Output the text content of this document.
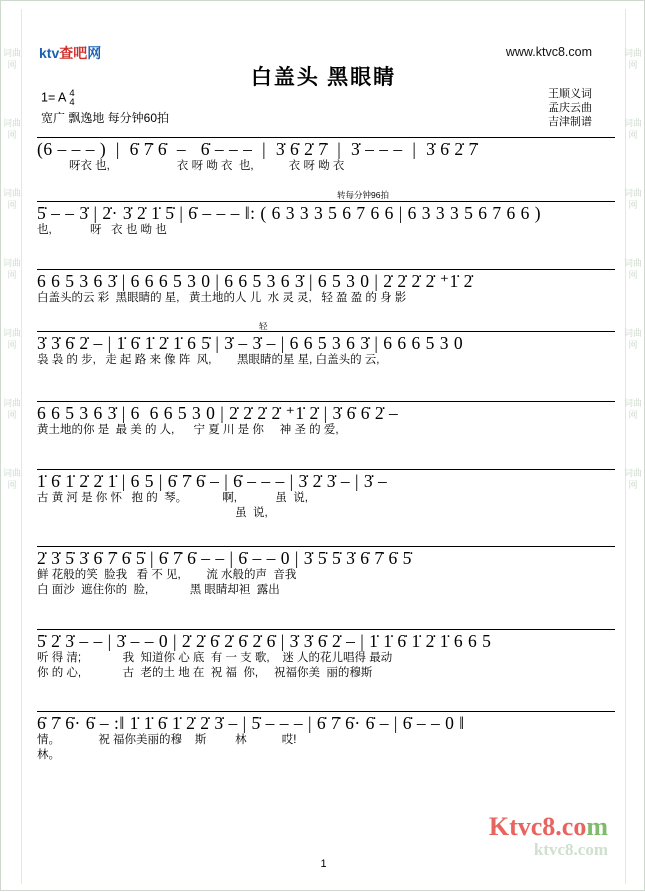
词曲网
词曲网
词曲网
词曲网
词曲网
词曲网
词曲网
词曲网
词曲网
词曲网
词曲网
词曲网
词曲网
词曲网
ktv查吧网	www.ktvc8.com
白盖头 黑眼睛
1= A 4
4
宽广 飘逸地 每分钟60拍
王顺义词
孟庆云曲
吉津制谱
(6 – – – )  |  6̇ 7̇ 6̇  –   6̇ – – –  |  3̇ 6̇ 2̇ 7̇  |  3̇ – – –  |  3̇ 6̇ 2̇ 7̇
呀衣 也,                     衣 呀 呦 衣  也,           衣 呀 呦 衣
转每分钟96拍
5̇ – – 3̇ | 2̇· 3̇ 2̇ 1̇ 5̇ | 6̇ – – – ‖: ( 6 3 3 3 5 6 7 6 6 | 6 3 3 3 5 6 7 6 6 )
也,            呀   衣 也 呦 也
6 6 5 3 6 3̇ | 6 6 6 5 3 0 | 6 6 5 3 6 3̇ | 6 5 3 0 | 2̇ 2̇ 2̇ 2̇ ⁺1̇ 2̇
白盖头的云 彩  黑眼睛的 星,   黄土地的人 儿  水 灵 灵,   轻 盈 盈 的 身 影
轻
3̇ 3̇ 6̇ 2̇ – | 1̇ 6̇ 1̇ 2̇ 1̇ 6 5̇ | 3̇ – 3̇ – | 6 6 5 3 6 3̇ | 6 6 6 5 3 0
袅 袅 的 步,   走 起 路 来 像 阵  风,        黑眼睛的星 星, 白盖头的 云,
6 6 5 3 6 3̇ | 6  6 6 5 3 0 | 2̇ 2̇ 2̇ 2̇ ⁺1̇ 2̇ | 3̇ 6̇ 6̇ 2̇ –
黄土地的你 是  最 美 的 人,      宁 夏 川 是 你     神 圣 的 爱,
1̇ 6̇ 1̇ 2̇ 2̇ 1̇ | 6 5 | 6̇ 7̇ 6̇ – | 6̇ – – – | 3̇ 2̇ 3̇ – | 3̇ –
古 黄 河 是 你 怀   抱 的  琴。           啊,            虽  说,
虽  说,
2̇ 3̇ 5̇ 3̇ 6̇ 7̇ 6̇ 5̇ | 6̇ 7̇ 6̇ – – | 6̇ – – 0 | 3̇ 5̇ 5̇ 3̇ 6̇ 7̇ 6̇ 5̇
鲜 花般的笑  脸我   看 不 见,        流 水般的声  音我
白 面沙  遮住你的  脸,             黑 眼睛却袒  露出
5̇ 2̇ 3̇ – – | 3̇ – – 0 | 2̇ 2̇ 6̇ 2̇ 6̇ 2̇ 6̇ | 3̇ 3̇ 6̇ 2̇ – | 1̇ 1̇ 6̇ 1̇ 2̇ 1̇ 6 6 5
听 得 清;             我  知道你 心 底  有 一 支 歌,    迷 人的花儿唱得 最动
你 的 心,             古  老的土 地 在  祝 福  你,     祝福你美  丽的穆斯
6̇ 7̇ 6̇· 6̇ – :‖ 1̇ 1̇ 6̇ 1̇ 2̇ 2̇ 3̇ – | 5̇ – – – | 6̇ 7̇ 6̇· 6̇ – | 6̇ – – 0 ‖
情。            祝 福你美丽的穆    斯         林           哎!
林。
Ktvc8.com
ktvc8.com
1
